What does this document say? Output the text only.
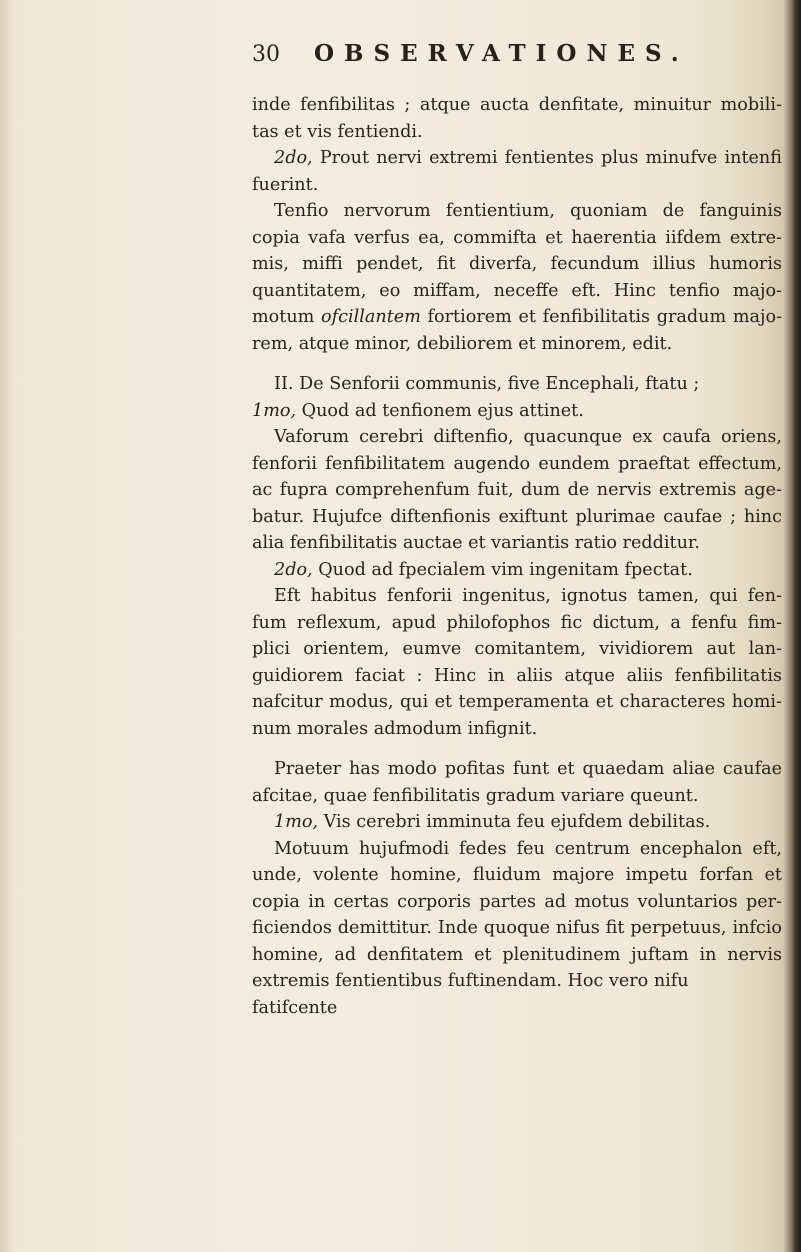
30 OBSERVATIONES.

inde fenfibilitas ; atque aucta denfitate, minuitur mobili- tas et vis fentiendi.

2do, Prout nervi extremi fentientes plus minufve intenfi fuerint.

Tenfio nervorum fentientium, quoniam de fanguinis copia vafa verfus ea, commifta et haerentia iifdem extre- mis, miffi pendet, fit diverfa, fecundum illius humoris quantitatem, eo miffam, neceffe eft. Hinc tenfio majo- motum ofcillantem fortiorem et fenfibilitatis gradum majo- rem, atque minor, debiliorem et minorem, edit.

II. De Senforii communis, five Encephali, ftatu ;

1mo, Quod ad tenfionem ejus attinet.

Vaforum cerebri diftenfio, quacunque ex caufa oriens, fenforii fenfibilitatem augendo eundem praeftat effectum, ac fupra comprehenfum fuit, dum de nervis extremis age- batur. Hujufce diftenfionis exiftunt plurimae caufae ; hinc alia fenfibilitatis auctae et variantis ratio redditur.

2do, Quod ad fpecialem vim ingenitam fpectat.

Eft habitus fenforii ingenitus, ignotus tamen, qui fen- fum reflexum, apud philofophos fic dictum, a fenfu fim- plici orientem, eumve comitantem, vividiorem aut lan- guidiorem faciat : Hinc in aliis atque aliis fenfibilitatis nafcitur modus, qui et temperamenta et characteres homi- num morales admodum infignit.

Praeter has modo pofitas funt et quaedam aliae caufae afcitae, quae fenfibilitatis gradum variare queunt.

1mo, Vis cerebri imminuta feu ejufdem debilitas.

Motuum hujufmodi fedes feu centrum encephalon eft, unde, volente homine, fluidum majore impetu forfan et copia in certas corporis partes ad motus voluntarios per- ficiendos demittitur. Inde quoque nifus fit perpetuus, infcio homine, ad denfitatem et plenitudinem juftam in nervis extremis fentientibus fuftinendam. Hoc vero nifu

fatifcente
